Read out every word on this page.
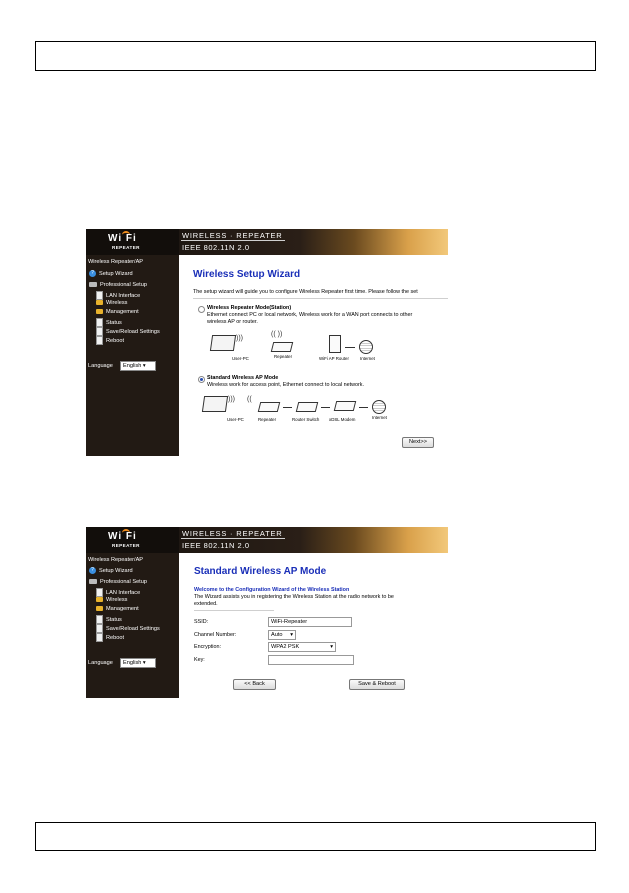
Wi Fi
REPEATER
WIRELESS · REPEATER
IEEE 802.11N 2.0
Wireless Repeater/AP
? Setup Wizard
Professional Setup
LAN Interface
Wireless
Management
Status
Save/Reload Settings
Reboot
Language	English ▾
Wireless Setup Wizard
The setup wizard will guide you to configure Wireless Repeater first time. Please follow the set
Wireless Repeater Mode(Station)
Ethernet connect PC or local network, Wireless work for a WAN port connects to other
wireless AP or router.
)))
(( ))
User-PC	Repeater	WiFi AP Router	Internet
Standard Wireless AP Mode
Wireless work for access point, Ethernet connect to local network.
))) ((
User-PC	Repeater	Router Switch xDSL Modem	Internet
Next>>
Wi Fi
REPEATER
WIRELESS · REPEATER
IEEE 802.11N 2.0
Wireless Repeater/AP
? Setup Wizard
Professional Setup
LAN Interface
Wireless
Management
Status
Save/Reload Settings
Reboot
Language	English ▾
Standard Wireless AP Mode
Welcome to the Configuration Wizard of the Wireless Station
The Wizard assists you in registering the Wireless Station at the radio network to be
extended.
SSID:	WiFi-Repeater
Channel Number:	Auto ▾
Encryption:	WPA2 PSK ▾
Key:
<< Back	Save & Reboot
